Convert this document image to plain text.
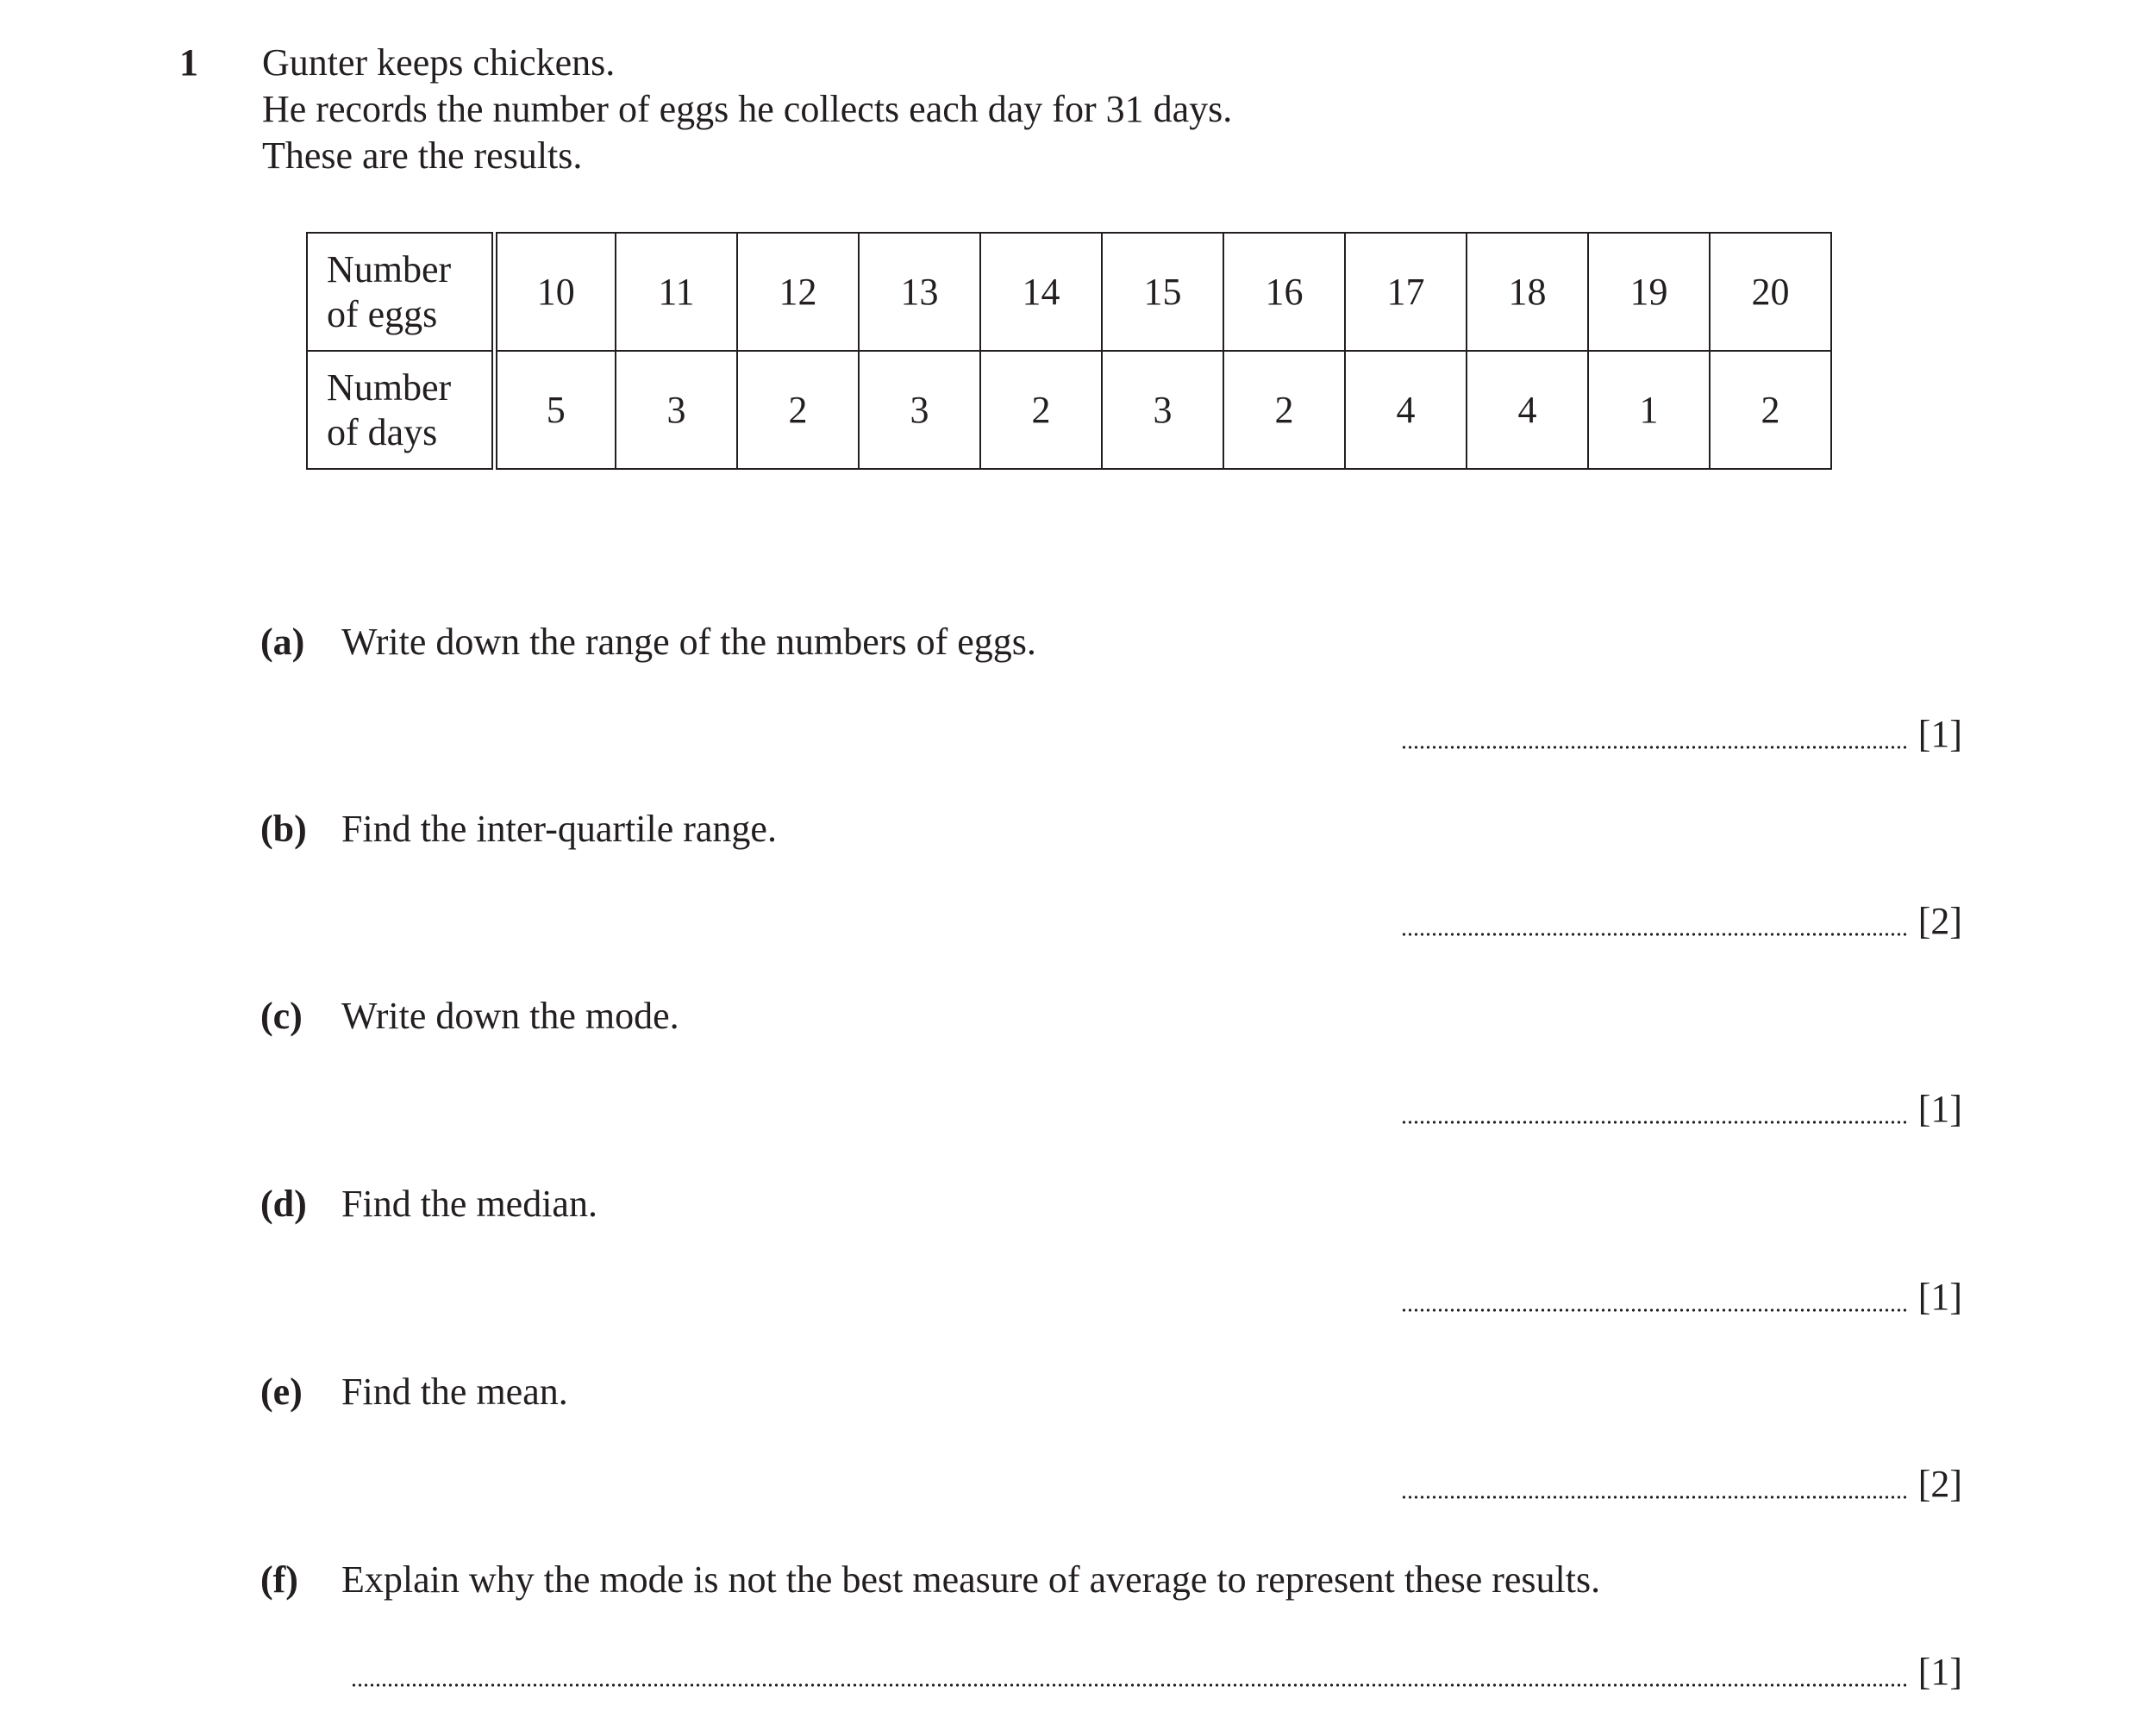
1 Gunter keeps chickens.
He records the number of eggs he collects each day for 31 days.
These are the results.
Number
of eggs	10	11	12	13	14	15	16	17	18	19	20
Number
of days	5	3	2	3	2	3	2	4	4	1	2
(a) Write down the range of the numbers of eggs.
[1]
(b) Find the inter-quartile range.
[2]
(c) Write down the mode.
[1]
(d) Find the median.
[1]
(e) Find the mean.
[2]
(f) Explain why the mode is not the best measure of average to represent these results.
[1]
